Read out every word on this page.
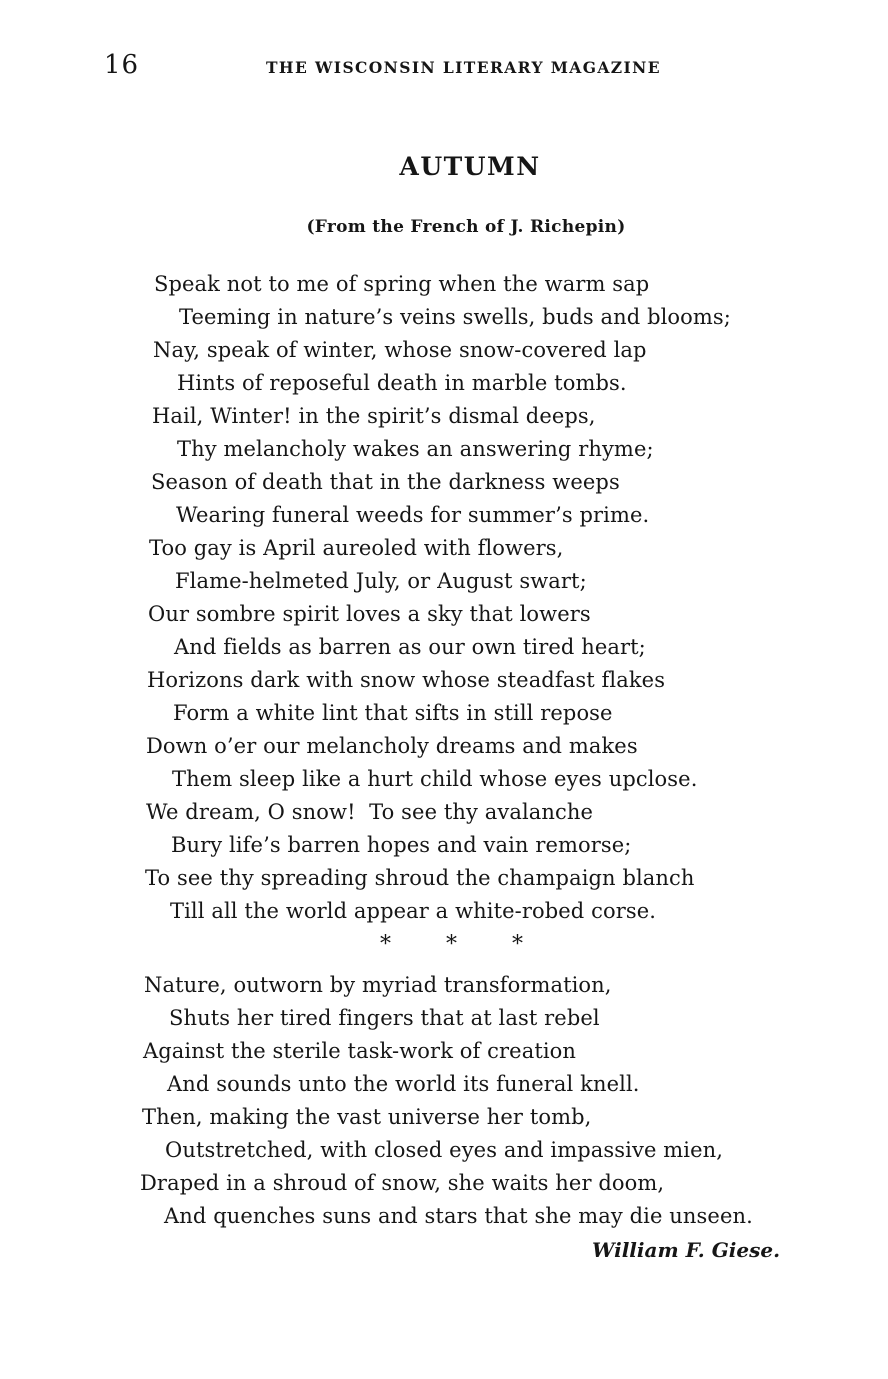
16	THE WISCONSIN LITERARY MAGAZINE
AUTUMN
(From the French of J. Richepin)
Speak not to me of spring when the warm sap
Teeming in nature’s veins swells, buds and blooms;
Nay, speak of winter, whose snow-covered lap
Hints of reposeful death in marble tombs.
Hail, Winter! in the spirit’s dismal deeps,
Thy melancholy wakes an answering rhyme;
Season of death that in the darkness weeps
Wearing funeral weeds for summer’s prime.
Too gay is April aureoled with flowers,
Flame-helmeted July, or August swart;
Our sombre spirit loves a sky that lowers
And fields as barren as our own tired heart;
Horizons dark with snow whose steadfast flakes
Form a white lint that sifts in still repose
Down o’er our melancholy dreams and makes
Them sleep like a hurt child whose eyes upclose.
We dream, O snow!  To see thy avalanche
Bury life’s barren hopes and vain remorse;
To see thy spreading shroud the champaign blanch
Till all the world appear a white-robed corse.
* * *
Nature, outworn by myriad transformation,
Shuts her tired fingers that at last rebel
Against the sterile task-work of creation
And sounds unto the world its funeral knell.
Then, making the vast universe her tomb,
Outstretched, with closed eyes and impassive mien,
Draped in a shroud of snow, she waits her doom,
And quenches suns and stars that she may die unseen.
William F. Giese.
